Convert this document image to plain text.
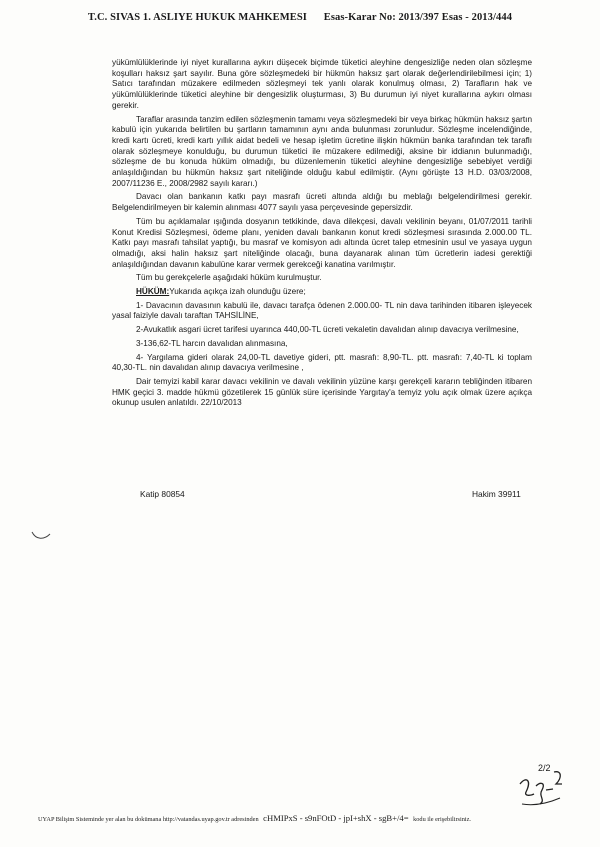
T.C. SIVAS 1. ASLIYE HUKUK MAHKEMESI Esas-Karar No: 2013/397 Esas - 2013/444

yükümlülüklerinde iyi niyet kurallarına aykırı düşecek biçimde tüketici aleyhine dengesizliğe neden olan sözleşme koşulları haksız şart sayılır. Buna göre sözleşmedeki bir hükmün haksız şart olarak değerlendirilebilmesi için; 1) Satıcı tarafından müzakere edilmeden sözleşmeyi tek yanlı olarak konulmuş olması, 2) Tarafların hak ve yükümlülüklerinde tüketici aleyhine bir dengesizlik oluşturması, 3) Bu durumun iyi niyet kurallarına aykırı olması gerekir.

Taraflar arasında tanzim edilen sözleşmenin tamamı veya sözleşmedeki bir veya birkaç hükmün haksız şartın kabulü için yukarıda belirtilen bu şartların tamamının aynı anda bulunması zorunludur. Sözleşme incelendiğinde, kredi kartı ücreti, kredi kartı yıllık aidat bedeli ve hesap işletim ücretine ilişkin hükmün banka tarafından tek taraflı olarak sözleşmeye konulduğu, bu durumun tüketici ile müzakere edilmediği, aksine bir iddianın bulunmadığı, sözleşme de bu konuda hüküm olmadığı, bu düzenlemenin tüketici aleyhine dengesizliğe sebebiyet verdiği anlaşıldığından bu hükmün haksız şart niteliğinde olduğu kabul edilmiştir. (Aynı görüşte 13 H.D. 03/03/2008, 2007/11236 E., 2008/2982 sayılı kararı.)

Davacı olan bankanın katkı payı masrafı ücreti altında aldığı bu meblağı belgelendirilmesi gerekir. Belgelendirilmeyen bir kalemin alınması 4077 sayılı yasa perçevesinde gepersizdir.

Tüm bu açıklamalar ışığında dosyanın tetkikinde, dava dilekçesi, davalı vekilinin beyanı, 01/07/2011 tarihli Konut Kredisi Sözleşmesi, ödeme planı, yeniden davalı bankanın konut kredi sözleşmesi sırasında 2.000.00 TL. Katkı payı masrafı tahsilat yaptığı, bu masraf ve komisyon adı altında ücret talep etmesinin usul ve yasaya uygun olmadığı, aksi halin haksız şart niteliğinde olacağı, buna dayanarak alınan tüm ücretlerin iadesi gerektiği anlaşıldığından davanın kabulüne karar vermek gerekceği kanatina varılmıştır.

Tüm bu gerekçelerle aşağıdaki hüküm kurulmuştur.

HÜKÜM:Yukarıda açıkça izah olunduğu üzere;

1- Davacının davasının kabulü ile, davacı tarafça ödenen 2.000.00- TL nin dava tarihinden itibaren işleyecek yasal faiziyle davalı taraftan TAHSİLİNE,

2-Avukatlık asgari ücret tarifesi uyarınca 440,00-TL ücreti vekaletin davalıdan alınıp davacıya verilmesine,

3-136,62-TL harcın davalıdan alınmasına,

4- Yargılama gideri olarak 24,00-TL davetiye gideri, ptt. masrafı: 8,90-TL. ptt. masrafı: 7,40-TL ki toplam 40,30-TL. nin davalıdan alınıp davacıya verilmesine ,

Dair temyizi kabil karar davacı vekilinin ve davalı vekilinin yüzüne karşı gerekçeli kararın tebliğinden itibaren HMK geçici 3. madde hükmü gözetilerek 15 günlük süre içerisinde Yargıtay'a temyiz yolu açık olmak üzere açıkça okunup usulen anlatıldı. 22/10/2013

Katip 80854	Hakim 39911
2/2
UYAP Bilişim Sisteminde yer alan bu dokümana http://vatandas.uyap.gov.tr adresinden cHMIPxS - s9nFOtD - jpI+shX - sgB+/4= kodu ile erişebilirsiniz.
